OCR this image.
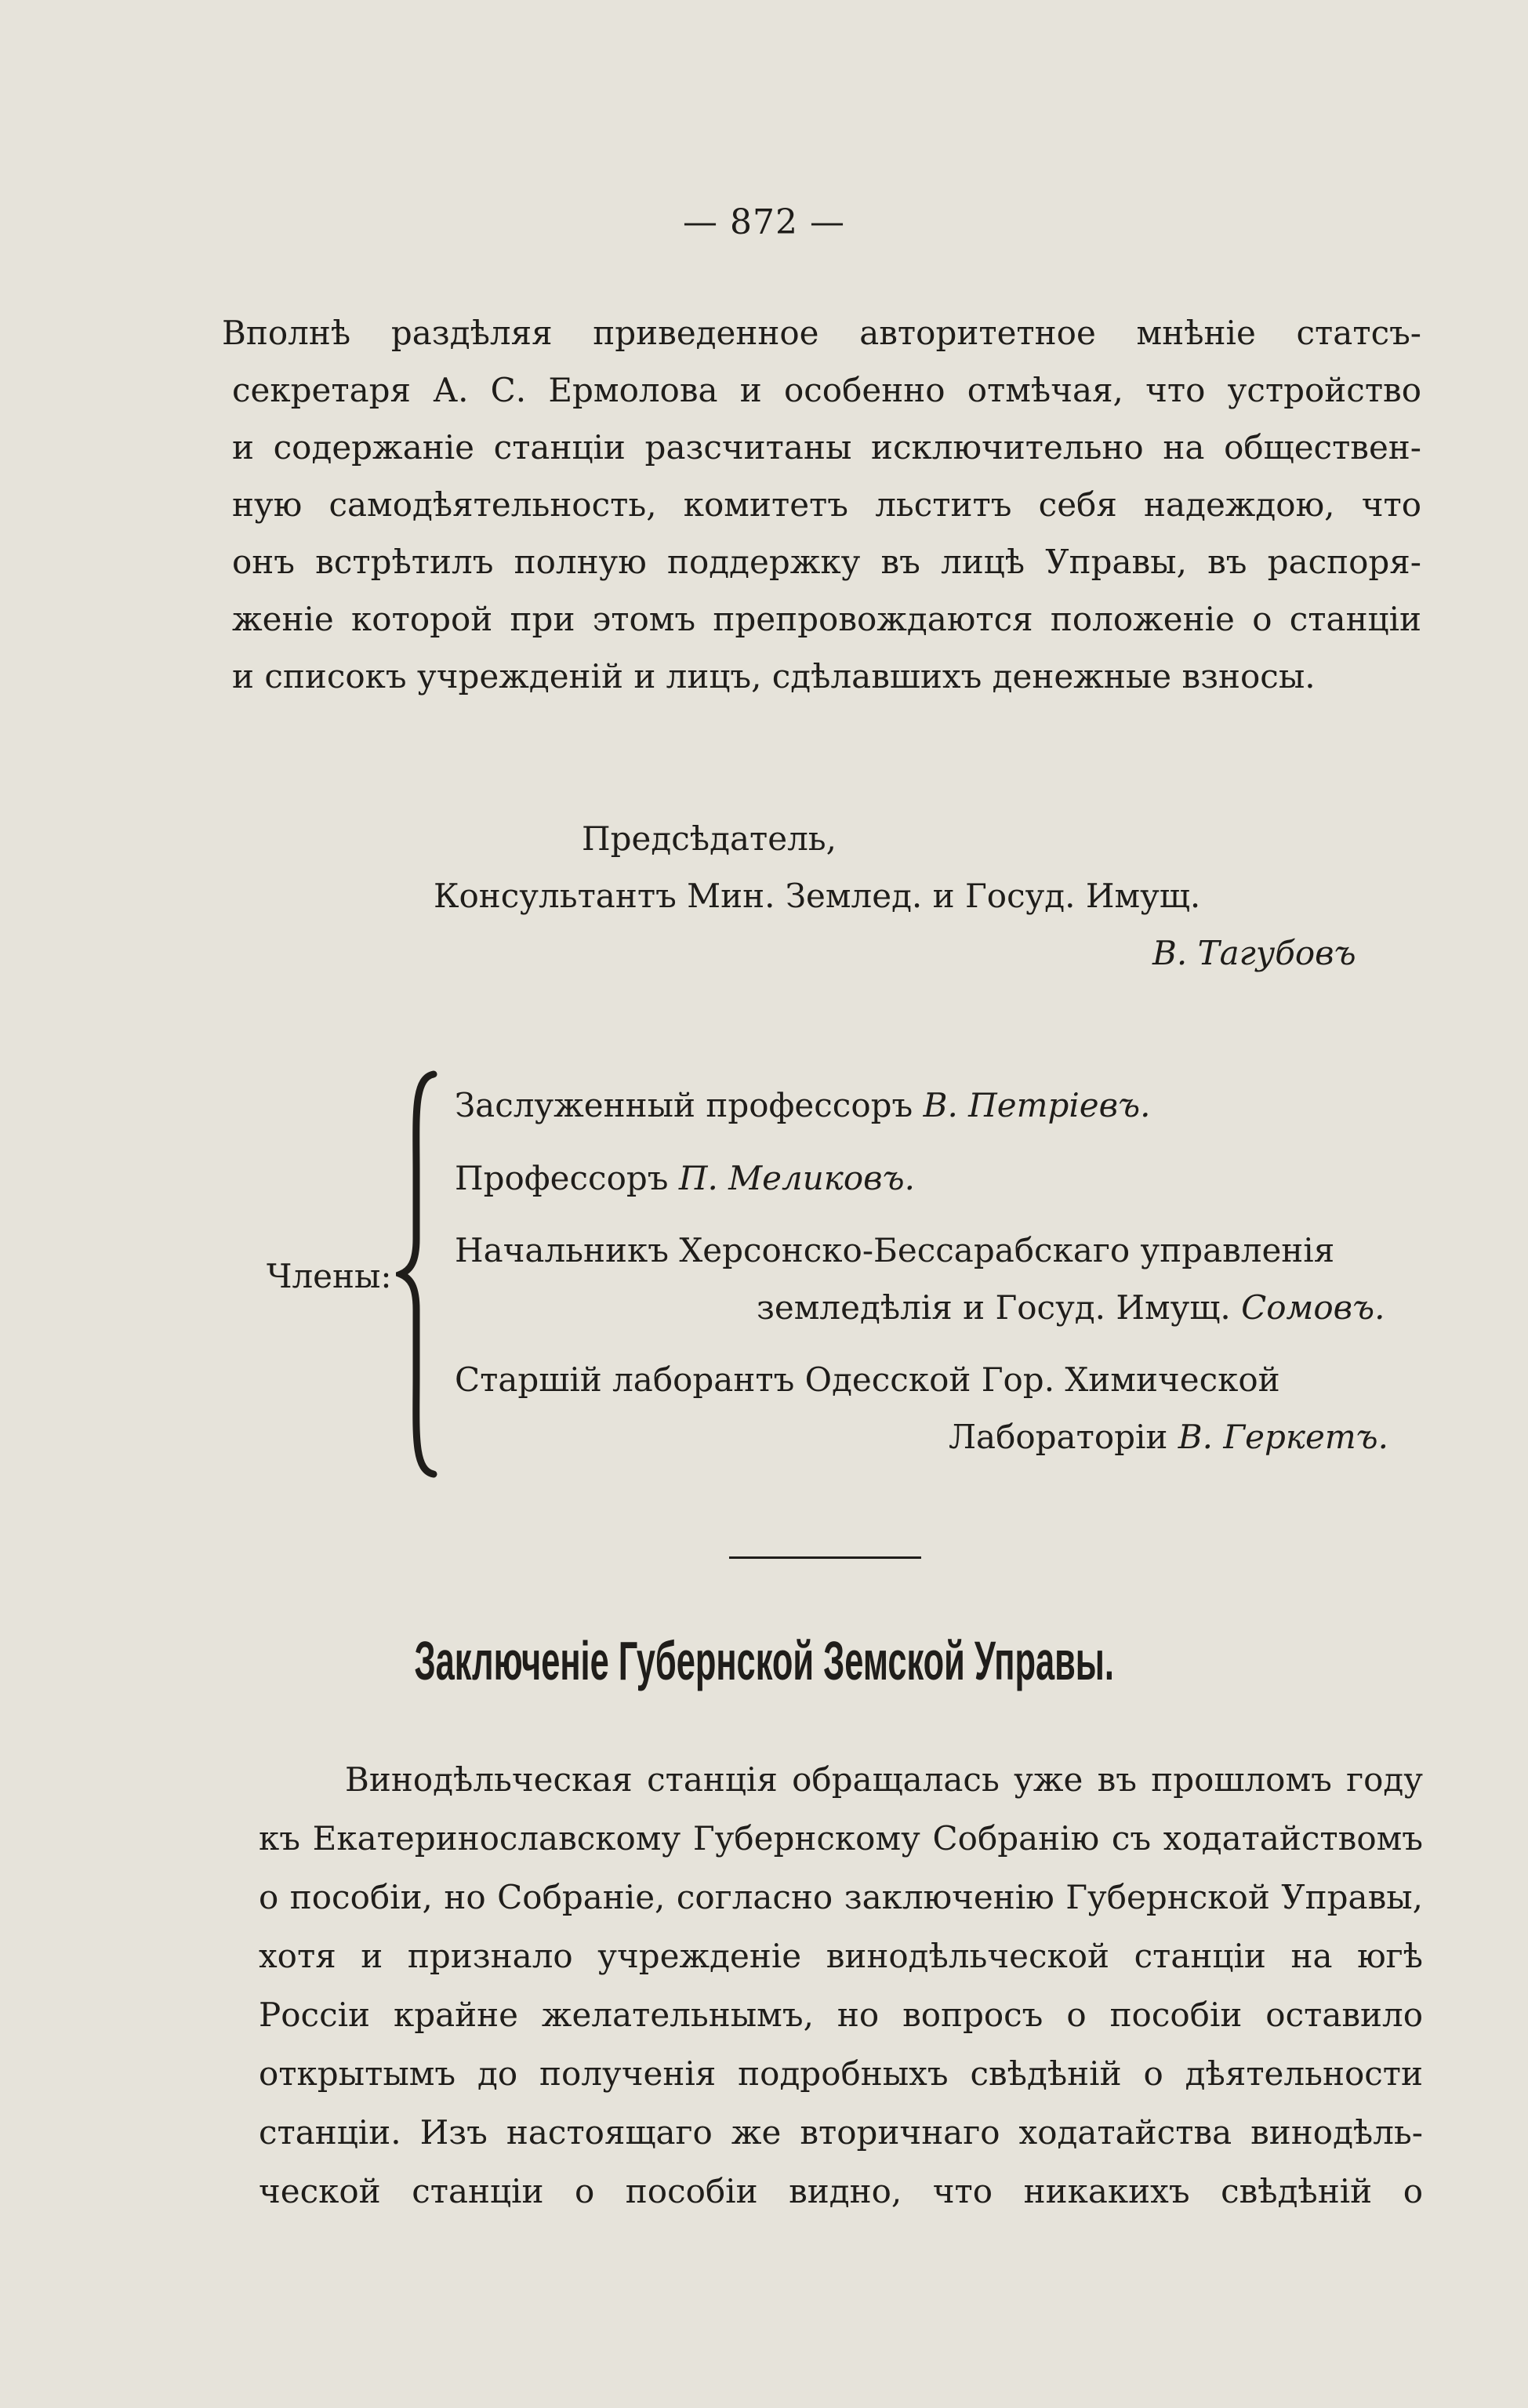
— 872 —
Вполнѣ раздѣляя приведенное авторитетное мнѣніе статсъ-
секретаря А. С. Ермолова и особенно отмѣчая, что устройство
и содержаніе станціи разсчитаны исключительно на обществен-
ную самодѣятельность, комитетъ льститъ себя надеждою, что
онъ встрѣтилъ полную поддержку въ лицѣ Управы, въ распоря-
женіе которой при этомъ препровождаются положеніе о станціи
и списокъ учрежденій и лицъ, сдѣлавшихъ денежные взносы.
Предсѣдатель,
Консультантъ Мин. Землед. и Госуд. Имущ.
В. Тагубовъ
Члены:
Заслуженный профессоръ В. Петріевъ.
Профессоръ П. Меликовъ.
Начальникъ Херсонско-Бессарабскаго управленія
земледѣлія и Госуд. Имущ. Сомовъ.
Старшій лаборантъ Одесской Гор. Химической
Лабораторіи В. Геркетъ.
Заключеніе Губернской Земской Управы.
Винодѣльческая станція обращалась уже въ прошломъ году
къ Екатеринославскому Губернскому Собранію съ ходатайствомъ
о пособіи, но Собраніе, согласно заключенію Губернской Управы,
хотя и признало учрежденіе винодѣльческой станціи на югѣ
Россіи крайне желательнымъ, но вопросъ о пособіи оставило
открытымъ до полученія подробныхъ свѣдѣній о дѣятельности
станціи. Изъ настоящаго же вторичнаго ходатайства винодѣль-
ческой станціи о пособіи видно, что никакихъ свѣдѣній о
